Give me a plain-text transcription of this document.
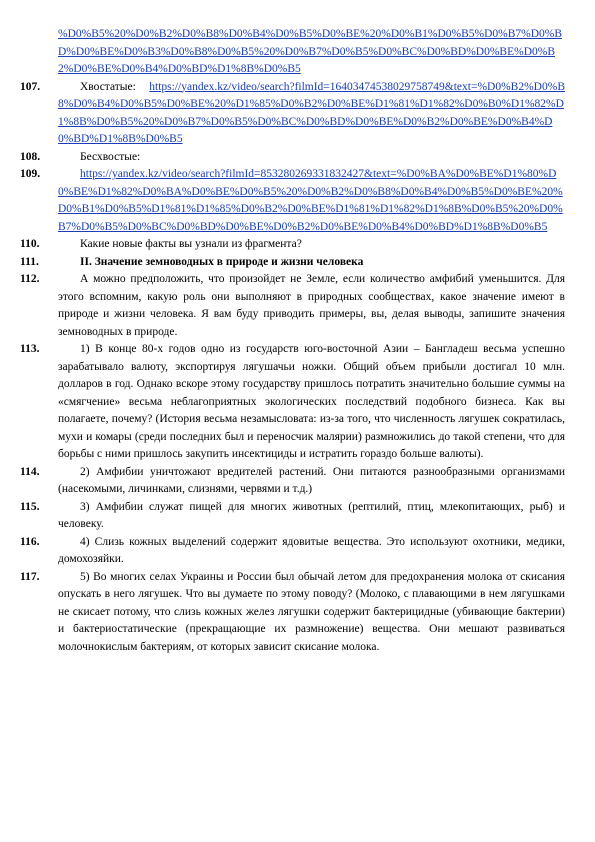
%D0%B5%20%D0%B2%D0%B8%D0%B4%D0%B5%D0%BE%20%D0%B1%D0%B5%D0%B7%D0%BD%D0%BE%D0%B3%D0%B8%D0%B5%20%D0%B7%D0%B5%D0%BC%D0%BD%D0%BE%D0%B2%D0%BE%D0%B4%D0%BD%D1%8B%D0%B5
107.	Хвостатые: https://yandex.kz/video/search?filmId=16403474538029758749&text=%D0%B2%D0%B8%D0%B4%D0%B5%D0%BE%20%D1%85%D0%B2%D0%BE%D1%81%D1%82%D0%B0%D1%82%D1%8B%D0%B5%20%D0%B7%D0%B5%D0%BC%D0%BD%D0%BE%D0%B2%D0%BE%D0%B4%D0%BD%D1%8B%D0%B5
108.	Бесхвостые:
109.	https://yandex.kz/video/search?filmId=853280269331832427&text=%D0%BA%D0%BE%D1%80%D0%BE%D1%82%D0%BA%D0%BE%D0%B5%20%D0%B2%D0%B8%D0%B4%D0%B5%D0%BE%20%D0%B1%D0%B5%D1%81%D1%85%D0%B2%D0%BE%D1%81%D1%82%D1%8B%D0%B5%20%D0%B7%D0%B5%D0%BC%D0%BD%D0%BE%D0%B2%D0%BE%D0%B4%D0%BD%D1%8B%D0%B5
110.	Какие новые факты вы узнали из фрагмента?
111.	II. Значение земноводных в природе и жизни человека
112.	А можно предположить, что произойдет не Земле, если количество амфибий уменьшится. Для этого вспомним, какую роль они выполняют в природных сообществах, какое значение имеют в природе и жизни человека. Я вам буду приводить примеры, вы, делая выводы, запишите значения земноводных в природе.
113.	1) В конце 80-х годов одно из государств юго-восточной Азии – Бангладеш весьма успешно зарабатывало валюту, экспортируя лягушачьи ножки. Общий объем прибыли достигал 10 млн. долларов в год. Однако вскоре этому государству пришлось потратить значительно большие суммы на «смягчение» весьма неблагоприятных экологических последствий подобного бизнеса. Как вы полагаете, почему? (История весьма незамысловата: из-за того, что численность лягушек сократилась, мухи и комары (среди последних был и переносчик малярии) размножились до такой степени, что для борьбы с ними пришлось закупить инсектициды и истратить гораздо больше валюты).
114.	2) Амфибии уничтожают вредителей растений. Они питаются разнообразными организмами (насекомыми, личинками, слизнями, червями и т.д.)
115.	3) Амфибии служат пищей для многих животных (рептилий, птиц, млекопитающих, рыб) и человеку.
116.	4) Слизь кожных выделений содержит ядовитые вещества. Это используют охотники, медики, домохозяйки.
117.	5) Во многих селах Украины и России был обычай летом для предохранения молока от скисания опускать в него лягушек. Что вы думаете по этому поводу? (Молоко, с плавающими в нем лягушками не скисает потому, что слизь кожных желез лягушки содержит бактерицидные (убивающие бактерии) и бактериостатические (прекращающие их размножение) вещества. Они мешают развиваться молочнокислым бактериям, от которых зависит скисание молока.
